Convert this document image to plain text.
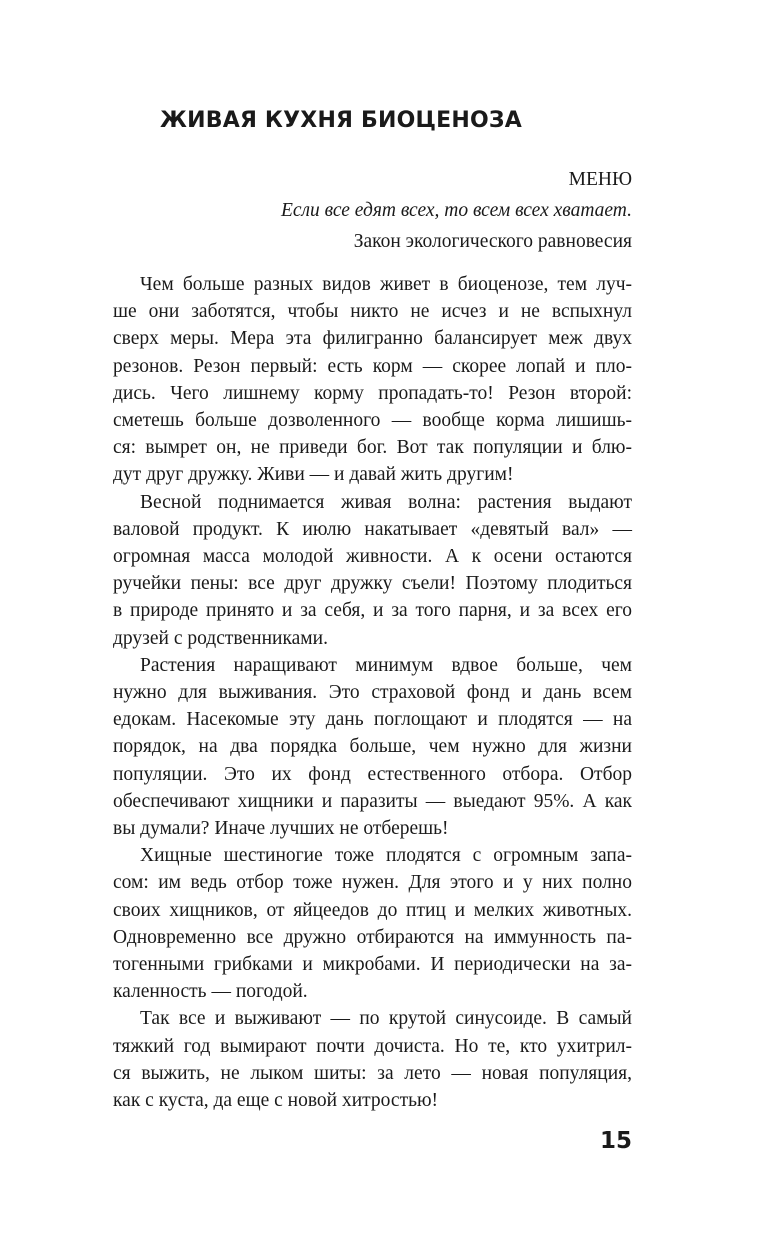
ЖИВАЯ КУХНЯ БИОЦЕНОЗА
МЕНЮ
Если все едят всех, то всем всех хватает.
Закон экологического равновесия

Чем больше разных видов живет в биоценозе, тем луч-
ше они заботятся, чтобы никто не исчез и не вспыхнул
сверх меры. Мера эта филигранно балансирует меж двух
резонов. Резон первый: есть корм — скорее лопай и пло-
дись. Чего лишнему корму пропадать-то! Резон второй:
сметешь больше дозволенного — вообще корма лишишь-
ся: вымрет он, не приведи бог. Вот так популяции и блю-
дут друг дружку. Живи — и давай жить другим!

Весной поднимается живая волна: растения выдают
валовой продукт. К июлю накатывает «девятый вал» —
огромная масса молодой живности. А к осени остаются
ручейки пены: все друг дружку съели! Поэтому плодиться
в природе принято и за себя, и за того парня, и за всех его
друзей с родственниками.

Растения наращивают минимум вдвое больше, чем
нужно для выживания. Это страховой фонд и дань всем
едокам. Насекомые эту дань поглощают и плодятся — на
порядок, на два порядка больше, чем нужно для жизни
популяции. Это их фонд естественного отбора. Отбор
обеспечивают хищники и паразиты — выедают 95%. А как
вы думали? Иначе лучших не отберешь!

Хищные шестиногие тоже плодятся с огромным запа-
сом: им ведь отбор тоже нужен. Для этого и у них полно
своих хищников, от яйцеедов до птиц и мелких животных.
Одновременно все дружно отбираются на иммунность па-
тогенными грибками и микробами. И периодически на за-
каленность — погодой.

Так все и выживают — по крутой синусоиде. В самый
тяжкий год вымирают почти дочиста. Но те, кто ухитрил-
ся выжить, не лыком шиты: за лето — новая популяция,
как с куста, да еще с новой хитростью!

15
